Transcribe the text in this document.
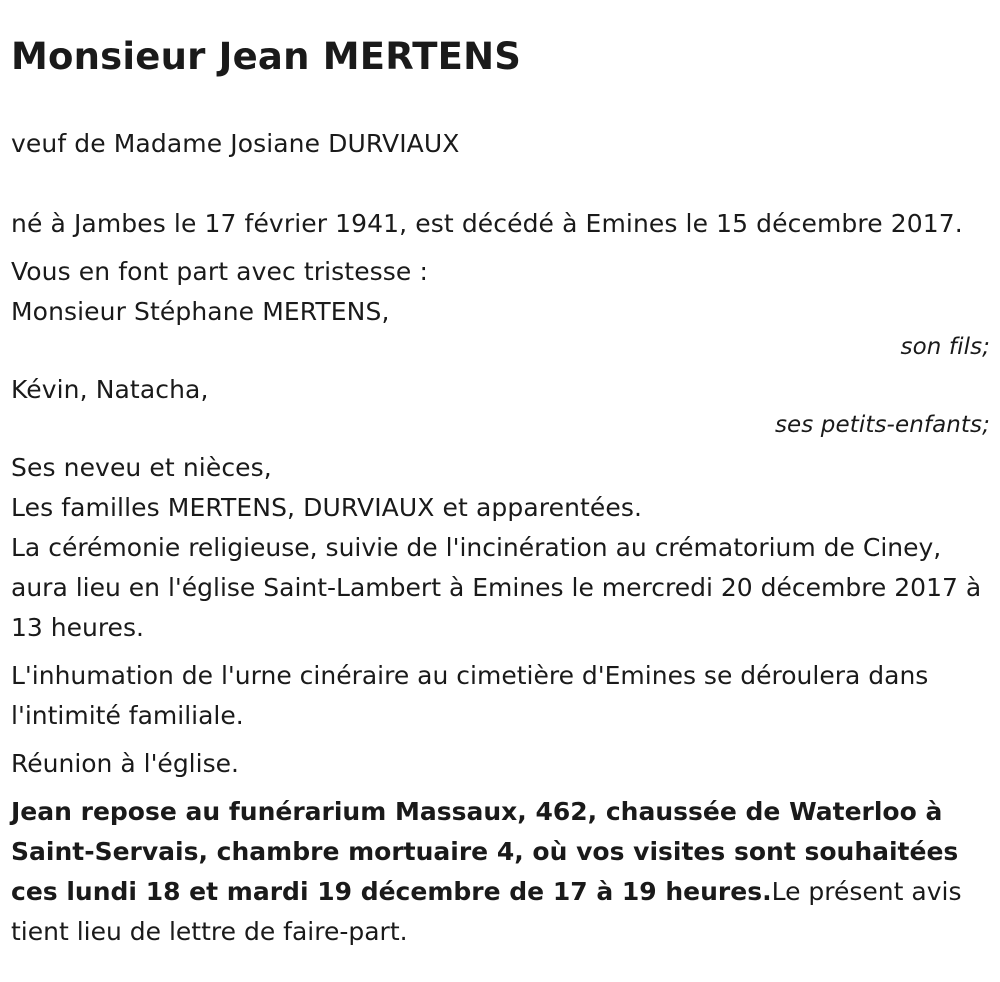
Monsieur Jean MERTENS

veuf de Madame Josiane DURVIAUX

né à Jambes le 17 février 1941, est décédé à Emines le 15 décembre 2017.

Vous en font part avec tristesse :

Monsieur Stéphane MERTENS,

son fils;

Kévin, Natacha,

ses petits-enfants;

Ses neveu et nièces,

Les familles MERTENS, DURVIAUX et apparentées.

La cérémonie religieuse, suivie de l'incinération au crématorium de Ciney, aura lieu en l'église Saint-Lambert à Emines le mercredi 20 décembre 2017 à 13 heures.

L'inhumation de l'urne cinéraire au cimetière d'Emines se déroulera dans l'intimité familiale.

Réunion à l'église.

Jean repose au funérarium Massaux, 462, chaussée de Waterloo à Saint-Servais, chambre mortuaire 4, où vos visites sont souhaitées ces lundi 18 et mardi 19 décembre de 17 à 19 heures.Le présent avis tient lieu de lettre de faire-part.
